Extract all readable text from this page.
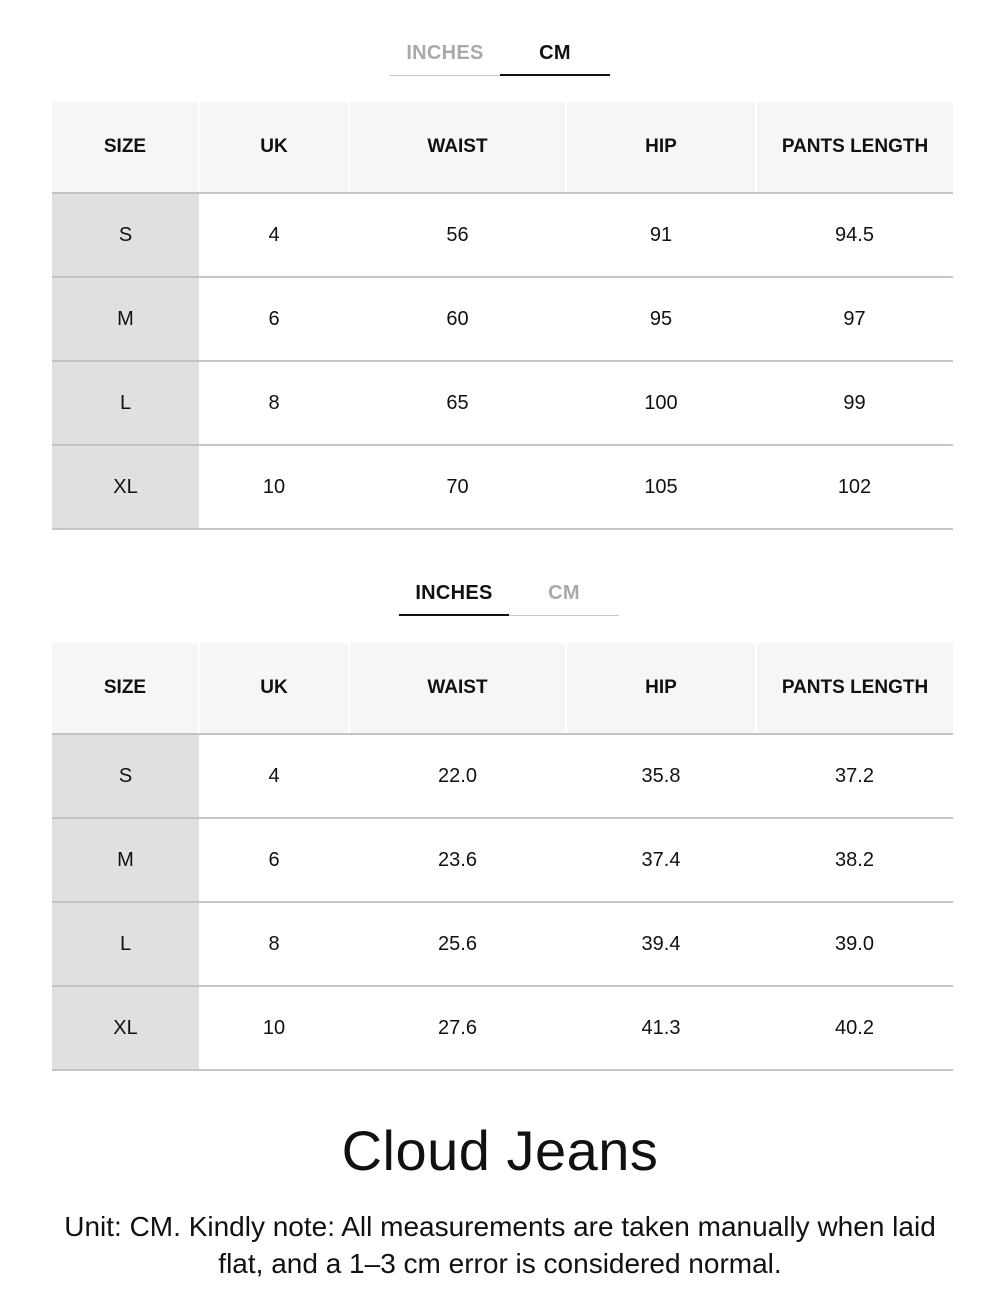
INCHES	CM
SIZE	UK	WAIST	HIP	PANTS LENGTH
S	4	56	91	94.5
M	6	60	95	97
L	8	65	100	99
XL	10	70	105	102
INCHES	CM
SIZE	UK	WAIST	HIP	PANTS LENGTH
S	4	22.0	35.8	37.2
M	6	23.6	37.4	38.2
L	8	25.6	39.4	39.0
XL	10	27.6	41.3	40.2
Cloud Jeans
Unit: CM. Kindly note: All measurements are taken manually when laid flat, and a 1–3 cm error is considered normal.
